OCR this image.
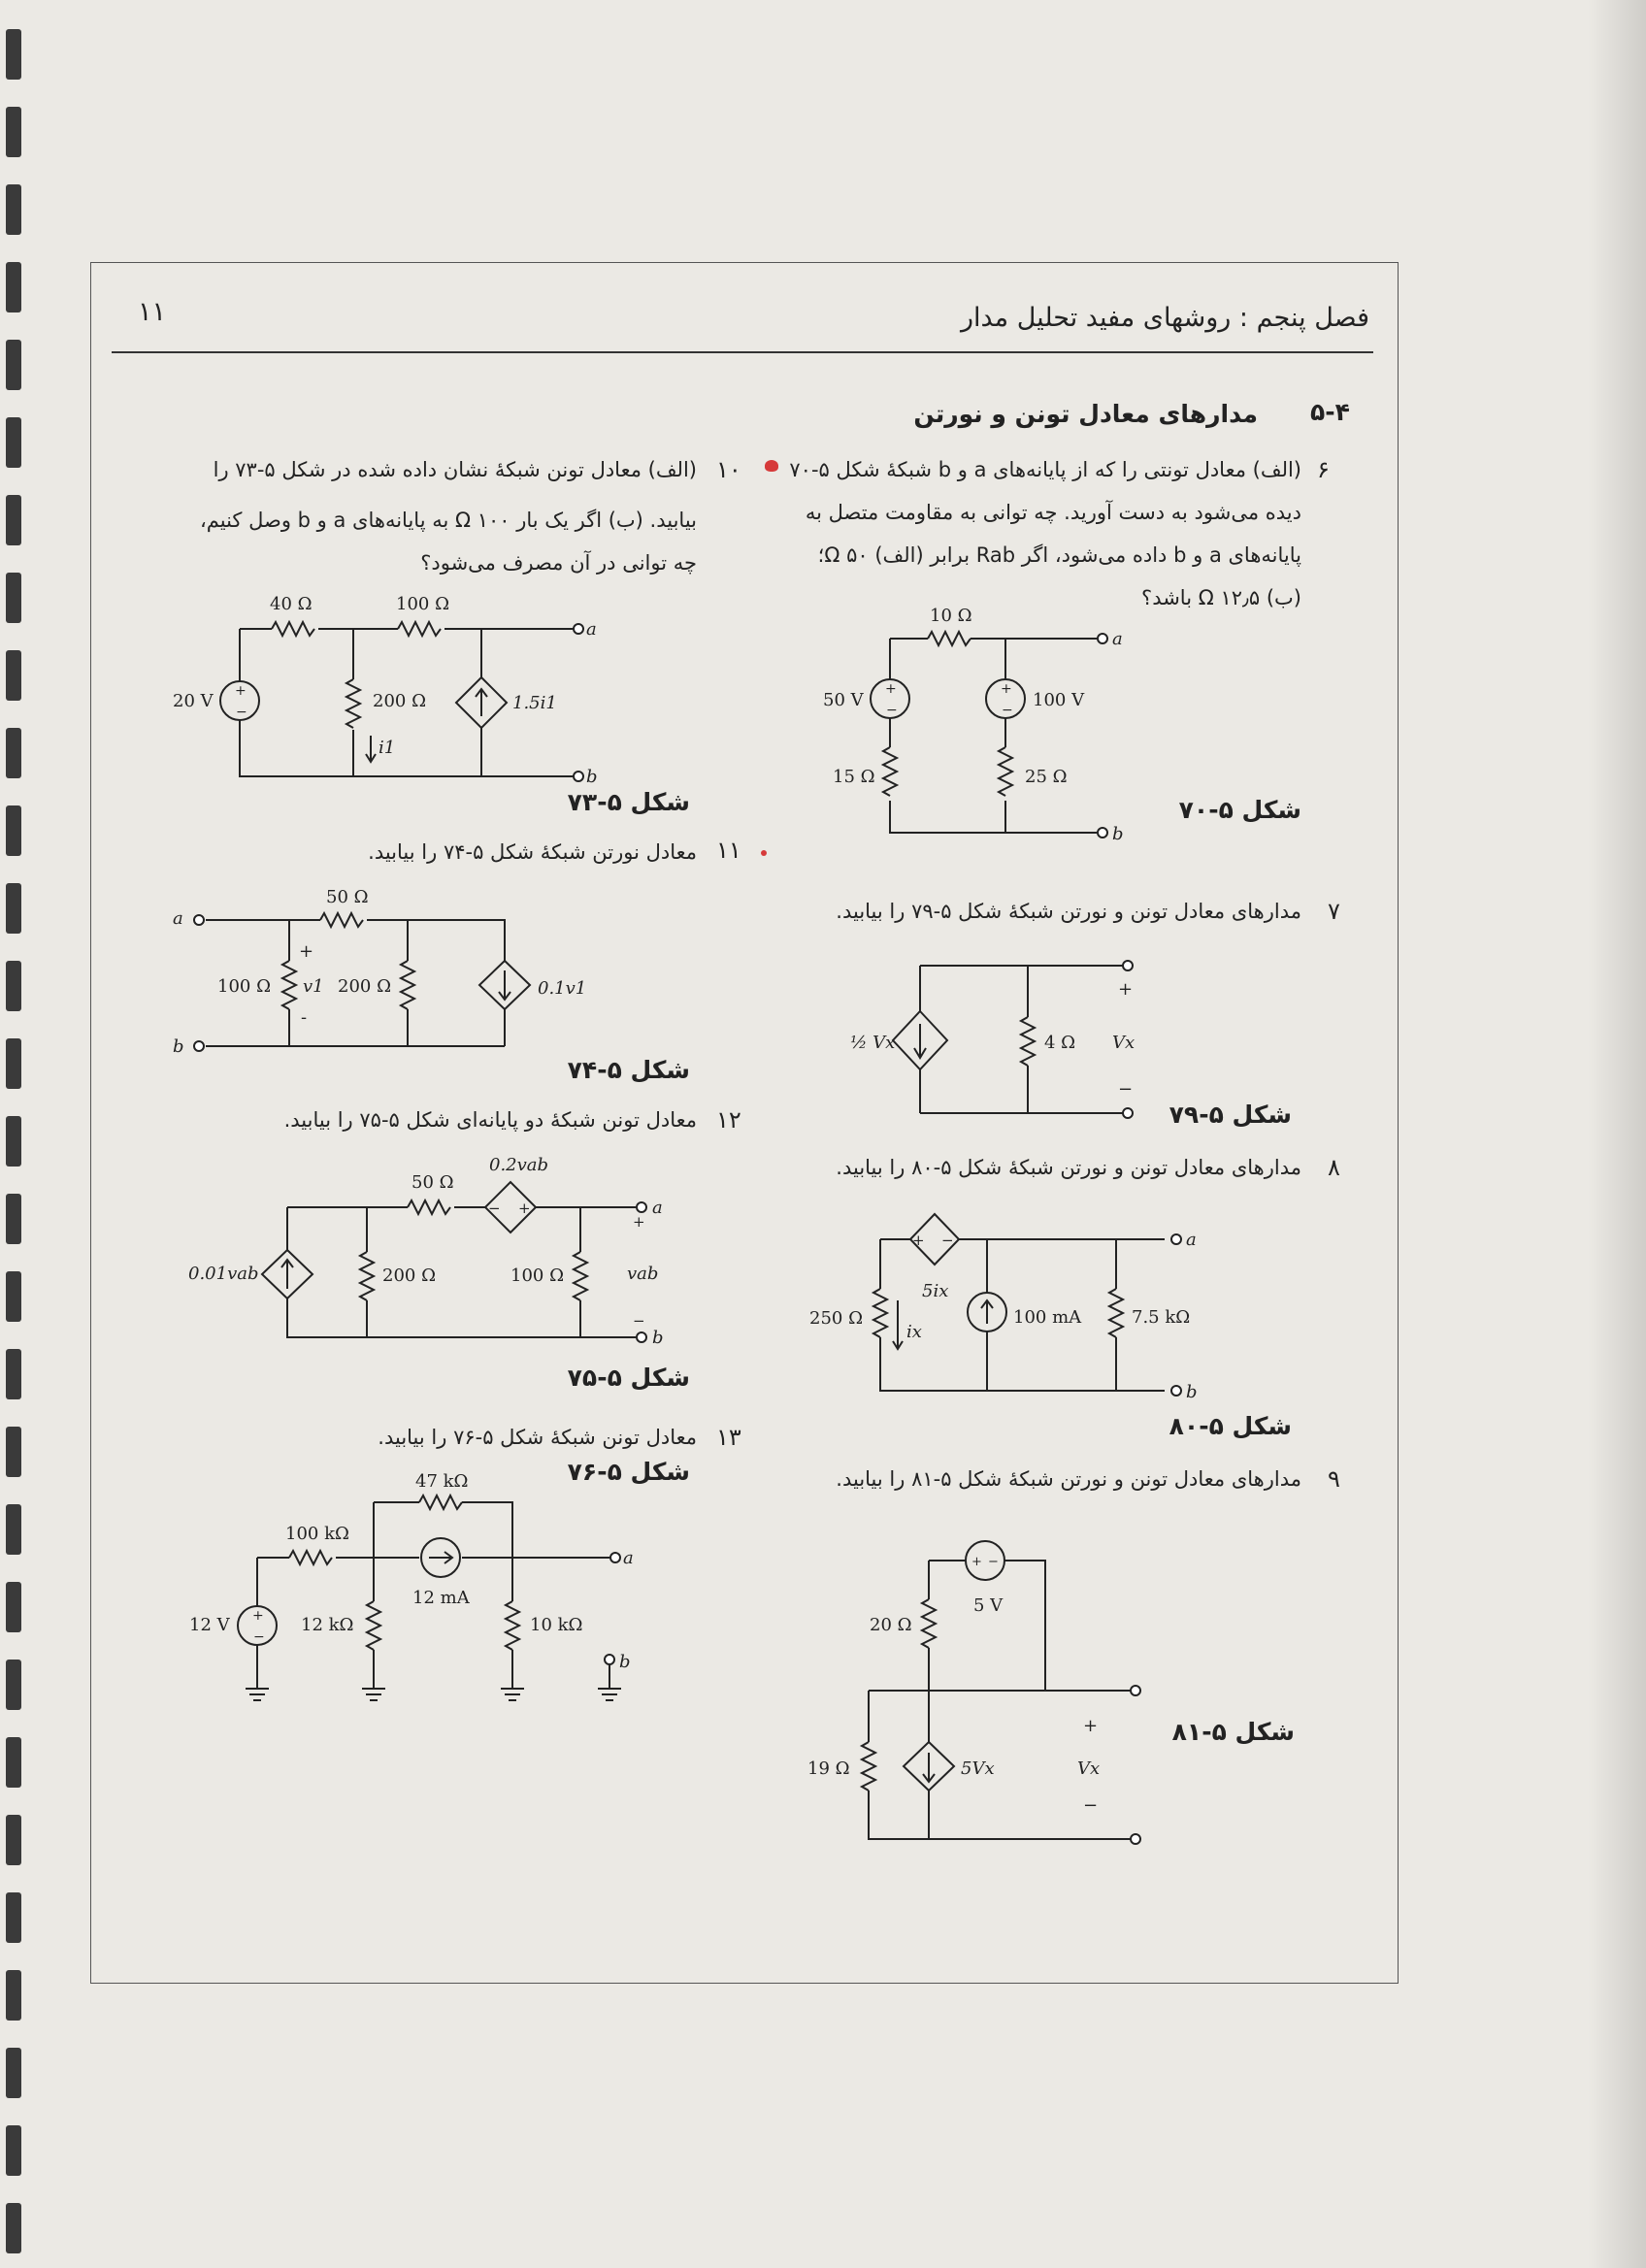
فصل پنجم : روشهای مفید تحلیل مدار
۱۱
مدارهای معادل تونن و نورتن ۵-۴
۶
(الف) معادل تونتی را که از پایانه‌های a و b شبکهٔ شکل ۵-۷۰
دیده می‌شود به دست آورید. چه توانی به مقاومت متصل به
پایانه‌های a و b داده می‌شود، اگر Rab برابر (الف) ۵۰ Ω؛
(ب) ۱۲٫۵ Ω باشد؟
شکل ۵-۷۰
۷
مدارهای معادل تونن و نورتن شبکهٔ شکل ۵-۷۹ را بیابید.
شکل ۵-۷۹
۸
مدارهای معادل تونن و نورتن شبکهٔ شکل ۵-۸۰ را بیابید.
شکل ۵-۸۰
۹
مدارهای معادل تونن و نورتن شبکهٔ شکل ۵-۸۱ را بیابید.
شکل ۵-۸۱
۱۰
(الف) معادل تونن شبکهٔ نشان داده شده در شکل ۵-۷۳ را
بیابید. (ب) اگر یک بار Ω ۱۰۰ به پایانه‌های a و b وصل کنیم،
چه توانی در آن مصرف می‌شود؟
شکل ۵-۷۳
۱۱
معادل نورتن شبکهٔ شکل ۵-۷۴ را بیابید.
شکل ۵-۷۴
۱۲
معادل تونن شبکهٔ دو پایانه‌ای شکل ۵-۷۵ را بیابید.
شکل ۵-۷۵
۱۳
معادل تونن شبکهٔ شکل ۵-۷۶ را بیابید.
شکل ۵-۷۶
+
−
+
−
10 Ω
50 V	100 V
15 Ω	25 Ω
a
b
½ Vx	4 Ω Vx
+
−
+ −
5ix
250 Ω
ix
100 mA	7.5 kΩ
a
b
+ −
5 V
20 Ω
19 Ω	5Vx	Vx
+
−
+
−
40 Ω	100 Ω
20 V	200 Ω
i1
1.5i1
a
b
50 Ω
100 Ω
+
v1
-
200 Ω	0.1v1
a
b
− +
0.2vab
50 Ω
0.01vab	200 Ω	100 Ω	vab
a
b
+
−
+
−
47 kΩ
100 kΩ
12 V	12 kΩ
12 mA
10 kΩ
a
b
